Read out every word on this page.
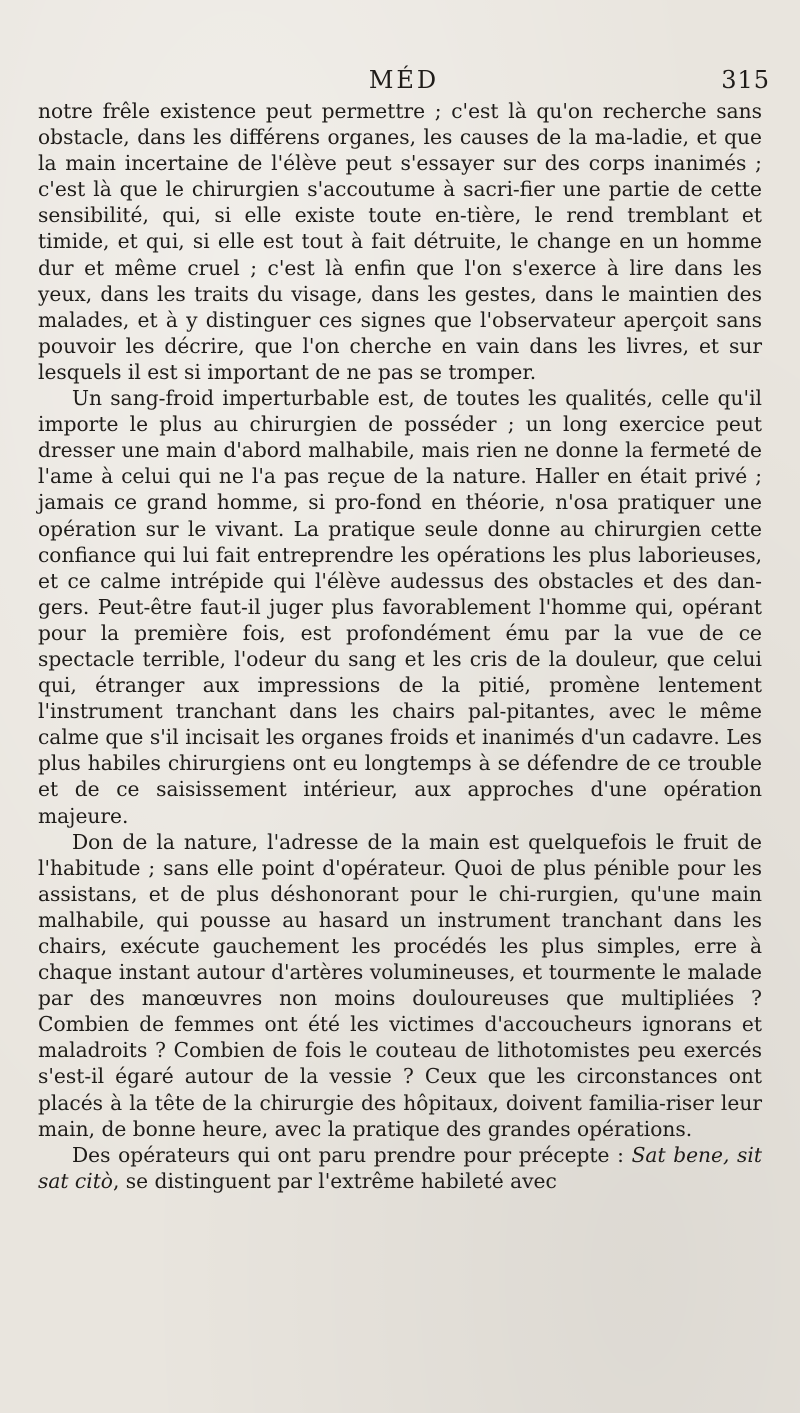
MÉD	315

notre frêle existence peut permettre ; c'est là qu'on recherche sans obstacle, dans les différens organes, les causes de la ma-ladie, et que la main incertaine de l'élève peut s'essayer sur des corps inanimés ; c'est là que le chirurgien s'accoutume à sacri-fier une partie de cette sensibilité, qui, si elle existe toute en-tière, le rend tremblant et timide, et qui, si elle est tout à fait détruite, le change en un homme dur et même cruel ; c'est là enfin que l'on s'exerce à lire dans les yeux, dans les traits du visage, dans les gestes, dans le maintien des malades, et à y distinguer ces signes que l'observateur aperçoit sans pouvoir les décrire, que l'on cherche en vain dans les livres, et sur lesquels il est si important de ne pas se tromper.

Un sang-froid imperturbable est, de toutes les qualités, celle qu'il importe le plus au chirurgien de posséder ; un long exercice peut dresser une main d'abord malhabile, mais rien ne donne la fermeté de l'ame à celui qui ne l'a pas reçue de la nature. Haller en était privé ; jamais ce grand homme, si pro-fond en théorie, n'osa pratiquer une opération sur le vivant. La pratique seule donne au chirurgien cette confiance qui lui fait entreprendre les opérations les plus laborieuses, et ce calme intrépide qui l'élève audessus des obstacles et des dan-gers. Peut-être faut-il juger plus favorablement l'homme qui, opérant pour la première fois, est profondément ému par la vue de ce spectacle terrible, l'odeur du sang et les cris de la douleur, que celui qui, étranger aux impressions de la pitié, promène lentement l'instrument tranchant dans les chairs pal-pitantes, avec le même calme que s'il incisait les organes froids et inanimés d'un cadavre. Les plus habiles chirurgiens ont eu longtemps à se défendre de ce trouble et de ce saisissement intérieur, aux approches d'une opération majeure.

Don de la nature, l'adresse de la main est quelquefois le fruit de l'habitude ; sans elle point d'opérateur. Quoi de plus pénible pour les assistans, et de plus déshonorant pour le chi-rurgien, qu'une main malhabile, qui pousse au hasard un instrument tranchant dans les chairs, exécute gauchement les procédés les plus simples, erre à chaque instant autour d'artères volumineuses, et tourmente le malade par des manœuvres non moins douloureuses que multipliées ? Combien de femmes ont été les victimes d'accoucheurs ignorans et maladroits ? Combien de fois le couteau de lithotomistes peu exercés s'est-il égaré autour de la vessie ? Ceux que les circonstances ont placés à la tête de la chirurgie des hôpitaux, doivent familia-riser leur main, de bonne heure, avec la pratique des grandes opérations.

Des opérateurs qui ont paru prendre pour précepte : Sat bene, sit sat citò, se distinguent par l'extrême habileté avec
